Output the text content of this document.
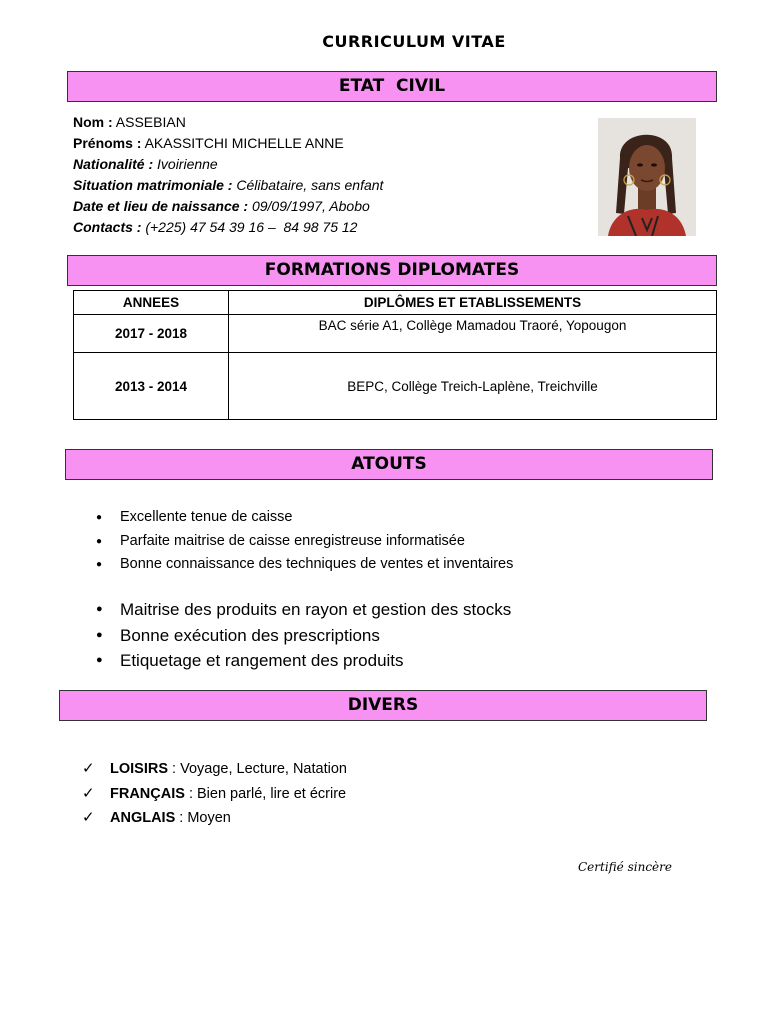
CURRICULUM VITAE
ETAT  CIVIL
Nom : ASSEBIAN
Prénoms : AKASSITCHI MICHELLE ANNE
Nationalité : Ivoirienne
Situation matrimoniale : Célibataire, sans enfant
Date et lieu de naissance : 09/09/1997, Abobo
Contacts : (+225) 47 54 39 16 –  84 98 75 12
FORMATIONS DIPLOMATES
ANNEES	DIPLÔMES ET ETABLISSEMENTS
2017 - 2018	BAC série A1, Collège Mamadou Traoré, Yopougon
2013 - 2014	BEPC, Collège Treich-Laplène, Treichville
ATOUTS
● Excellente tenue de caisse
● Parfaite maitrise de caisse enregistreuse informatisée
● Bonne connaissance des techniques de ventes et inventaires
● Maitrise des produits en rayon et gestion des stocks
● Bonne exécution des prescriptions
● Etiquetage et rangement des produits
DIVERS
✓ LOISIRS : Voyage, Lecture, Natation
✓ FRANÇAIS : Bien parlé, lire et écrire
✓ ANGLAIS : Moyen
Certifié sincère
